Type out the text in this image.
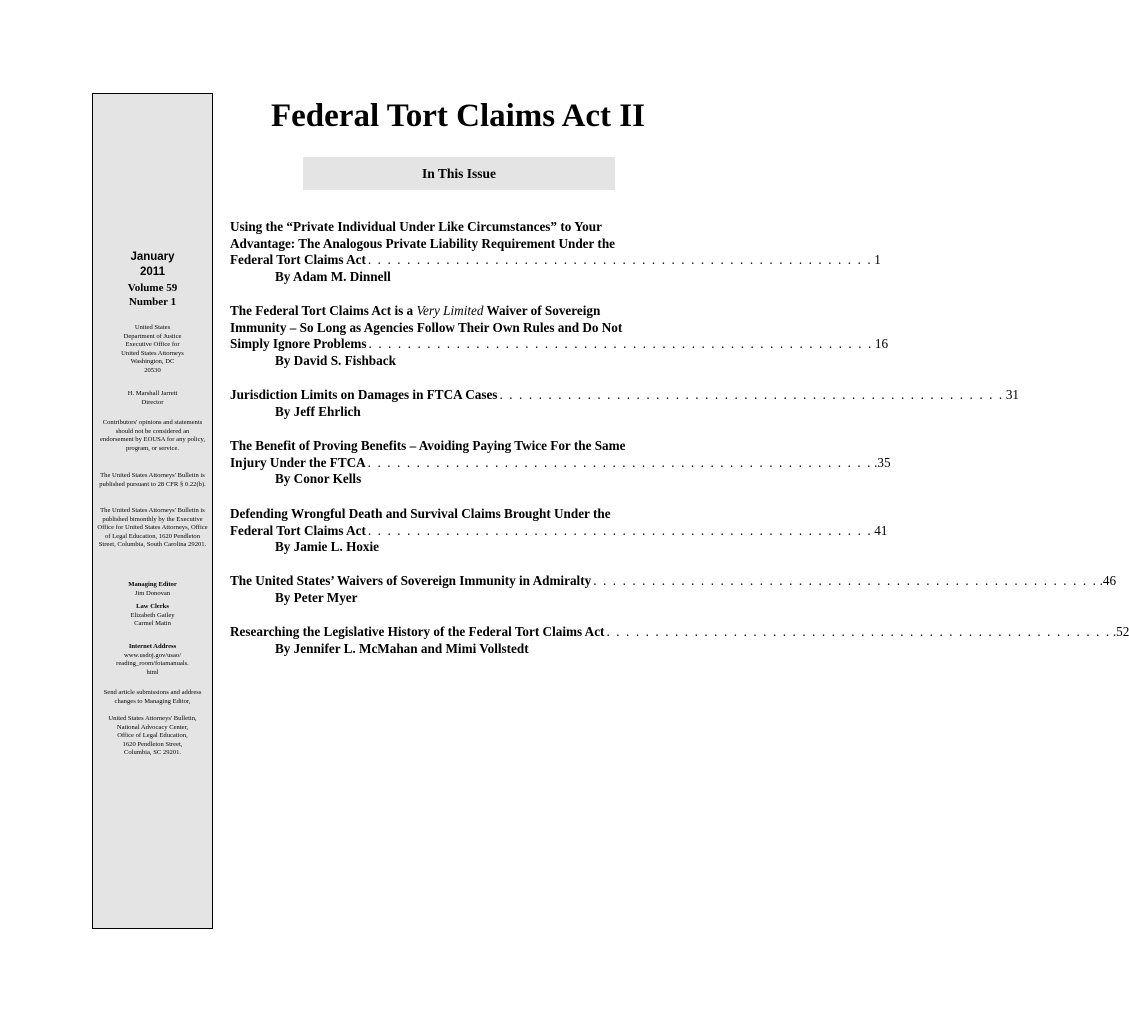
January
2011
Volume 59
Number 1
United States
Department of Justice
Executive Office for
United States Attorneys
Washington, DC
20530
H. Marshall Jarrett
Director
Contributors' opinions and statements should not be considered an endorsement by EOUSA for any policy, program, or service.
The United States Attorneys' Bulletin is published pursuant to 28 CFR § 0.22(b).
The United States Attorneys' Bulletin is published bimonthly by the Executive Office for United States Attorneys, Office of Legal Education, 1620 Pendleton Street, Columbia, South Carolina 29201.
Managing Editor
Jim Donovan
Law Clerks
Elizabeth Gailey
Carmel Matin
Internet Address
www.usdoj.gov/usao/
reading_room/foiamanuals.
html
Send article submissions and address changes to Managing Editor,
United States Attorneys' Bulletin,
National Advocacy Center,
Office of Legal Education,
1620 Pendleton Street,
Columbia, SC 29201.
Federal Tort Claims Act II
In This Issue
Using the “Private Individual Under Like Circumstances” to Your
Advantage: The Analogous Private Liability Requirement Under the
Federal Tort Claims Act . . . . . . . . . . . . . . . . . . . . . . . . . . . . . . . . . . . . . . . . . . . . . . . . . . . . 1
By Adam M. Dinnell
The Federal Tort Claims Act is a Very Limited Waiver of Sovereign
Immunity – So Long as Agencies Follow Their Own Rules and Do Not
Simply Ignore Problems . . . . . . . . . . . . . . . . . . . . . . . . . . . . . . . . . . . . . . . . . . . . . . . . . . . . 16
By David S. Fishback
Jurisdiction Limits on Damages in FTCA Cases . . . . . . . . . . . . . . . . . . . . . . . . . . . . . . . . . . . . . . . . . . . . . . . . . . . . 31
By Jeff Ehrlich
The Benefit of Proving Benefits – Avoiding Paying Twice For the Same
Injury Under the FTCA . . . . . . . . . . . . . . . . . . . . . . . . . . . . . . . . . . . . . . . . . . . . . . . . . . . . .35
By Conor Kells
Defending Wrongful Death and Survival Claims Brought Under the
Federal Tort Claims Act . . . . . . . . . . . . . . . . . . . . . . . . . . . . . . . . . . . . . . . . . . . . . . . . . . . . 41
By Jamie L. Hoxie
The United States’ Waivers of Sovereign Immunity in Admiralty . . . . . . . . . . . . . . . . . . . . . . . . . . . . . . . . . . . . . . . . . . . . . . . . . . . . .46
By Peter Myer
Researching the Legislative History of the Federal Tort Claims Act . . . . . . . . . . . . . . . . . . . . . . . . . . . . . . . . . . . . . . . . . . . . . . . . . . . . .52
By Jennifer L. McMahan and Mimi Vollstedt
